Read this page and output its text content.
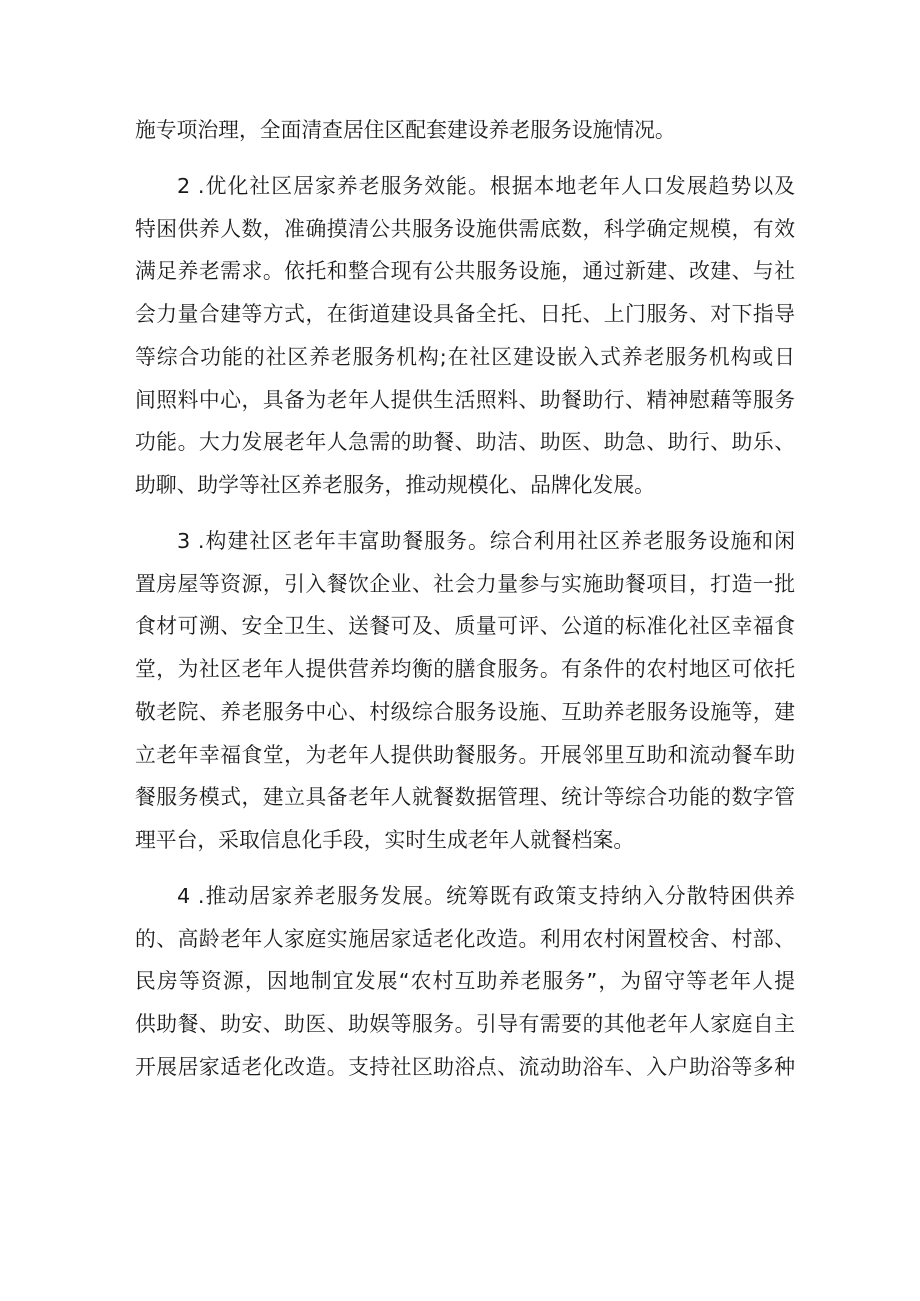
施专项治理，全面清查居住区配套建设养老服务设施情况。
2 .优化社区居家养老服务效能。根据本地老年人口发展趋势以及
特困供养人数，准确摸清公共服务设施供需底数，科学确定规模，有效
满足养老需求。依托和整合现有公共服务设施，通过新建、改建、与社
会力量合建等方式，在街道建设具备全托、日托、上门服务、对下指导
等综合功能的社区养老服务机构;在社区建设嵌入式养老服务机构或日
间照料中心，具备为老年人提供生活照料、助餐助行、精神慰藉等服务
功能。大力发展老年人急需的助餐、助洁、助医、助急、助行、助乐、
助聊、助学等社区养老服务，推动规模化、品牌化发展。
3 .构建社区老年丰富助餐服务。综合利用社区养老服务设施和闲
置房屋等资源，引入餐饮企业、社会力量参与实施助餐项目，打造一批
食材可溯、安全卫生、送餐可及、质量可评、公道的标准化社区幸福食
堂，为社区老年人提供营养均衡的膳食服务。有条件的农村地区可依托
敬老院、养老服务中心、村级综合服务设施、互助养老服务设施等，建
立老年幸福食堂，为老年人提供助餐服务。开展邻里互助和流动餐车助
餐服务模式，建立具备老年人就餐数据管理、统计等综合功能的数字管
理平台，采取信息化手段，实时生成老年人就餐档案。
4 .推动居家养老服务发展。统筹既有政策支持纳入分散特困供养
的、高龄老年人家庭实施居家适老化改造。利用农村闲置校舍、村部、
民房等资源，因地制宜发展“农村互助养老服务”，为留守等老年人提
供助餐、助安、助医、助娱等服务。引导有需要的其他老年人家庭自主
开展居家适老化改造。支持社区助浴点、流动助浴车、入户助浴等多种
